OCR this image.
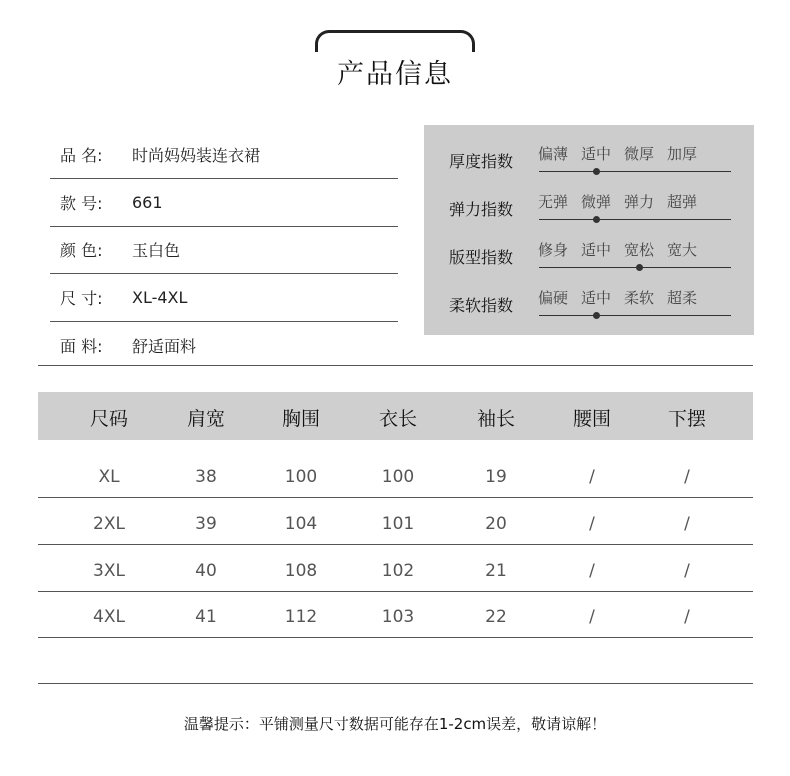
产品信息
品 名:	时尚妈妈装连衣裙
款 号:	661
颜 色:	玉白色
尺 寸:	XL-4XL
面 料:	舒适面料
厚度指数 偏薄 适中 微厚 加厚
弹力指数 无弹 微弹 弹力 超弹
版型指数 修身 适中 宽松 宽大
柔软指数 偏硬 适中 柔软 超柔
尺码	肩宽	胸围	衣长	袖长	腰围	下摆
XL	38	100	100	19	/	/
2XL	39	104	101	20	/	/
3XL	40	108	102	21	/	/
4XL	41	112	103	22	/	/
温馨提示：平铺测量尺寸数据可能存在1-2cm误差，敬请谅解！
